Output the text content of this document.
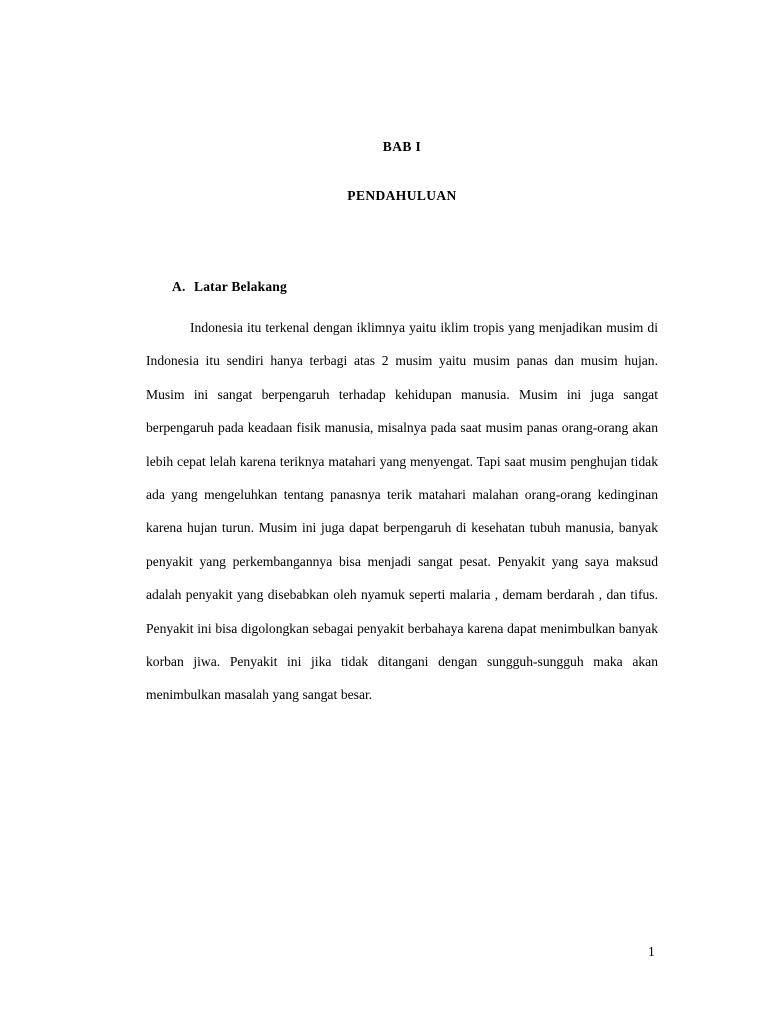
BAB I
PENDAHULUAN
A. Latar Belakang

Indonesia itu terkenal dengan iklimnya yaitu iklim tropis yang menjadikan musim di Indonesia itu sendiri hanya terbagi atas 2 musim yaitu musim panas dan musim hujan. Musim ini sangat berpengaruh terhadap kehidupan manusia. Musim ini juga sangat berpengaruh pada keadaan fisik manusia, misalnya pada saat musim panas orang-orang akan lebih cepat lelah karena teriknya matahari yang menyengat. Tapi saat musim penghujan tidak ada yang mengeluhkan tentang panasnya terik matahari malahan orang-orang kedinginan karena hujan turun. Musim ini juga dapat berpengaruh di kesehatan tubuh manusia, banyak penyakit yang perkembangannya bisa menjadi sangat pesat. Penyakit yang saya maksud adalah penyakit yang disebabkan oleh nyamuk seperti malaria , demam berdarah , dan tifus. Penyakit ini bisa digolongkan sebagai penyakit berbahaya karena dapat menimbulkan banyak korban jiwa. Penyakit ini jika tidak ditangani dengan sungguh-sungguh maka akan menimbulkan masalah yang sangat besar.

1
